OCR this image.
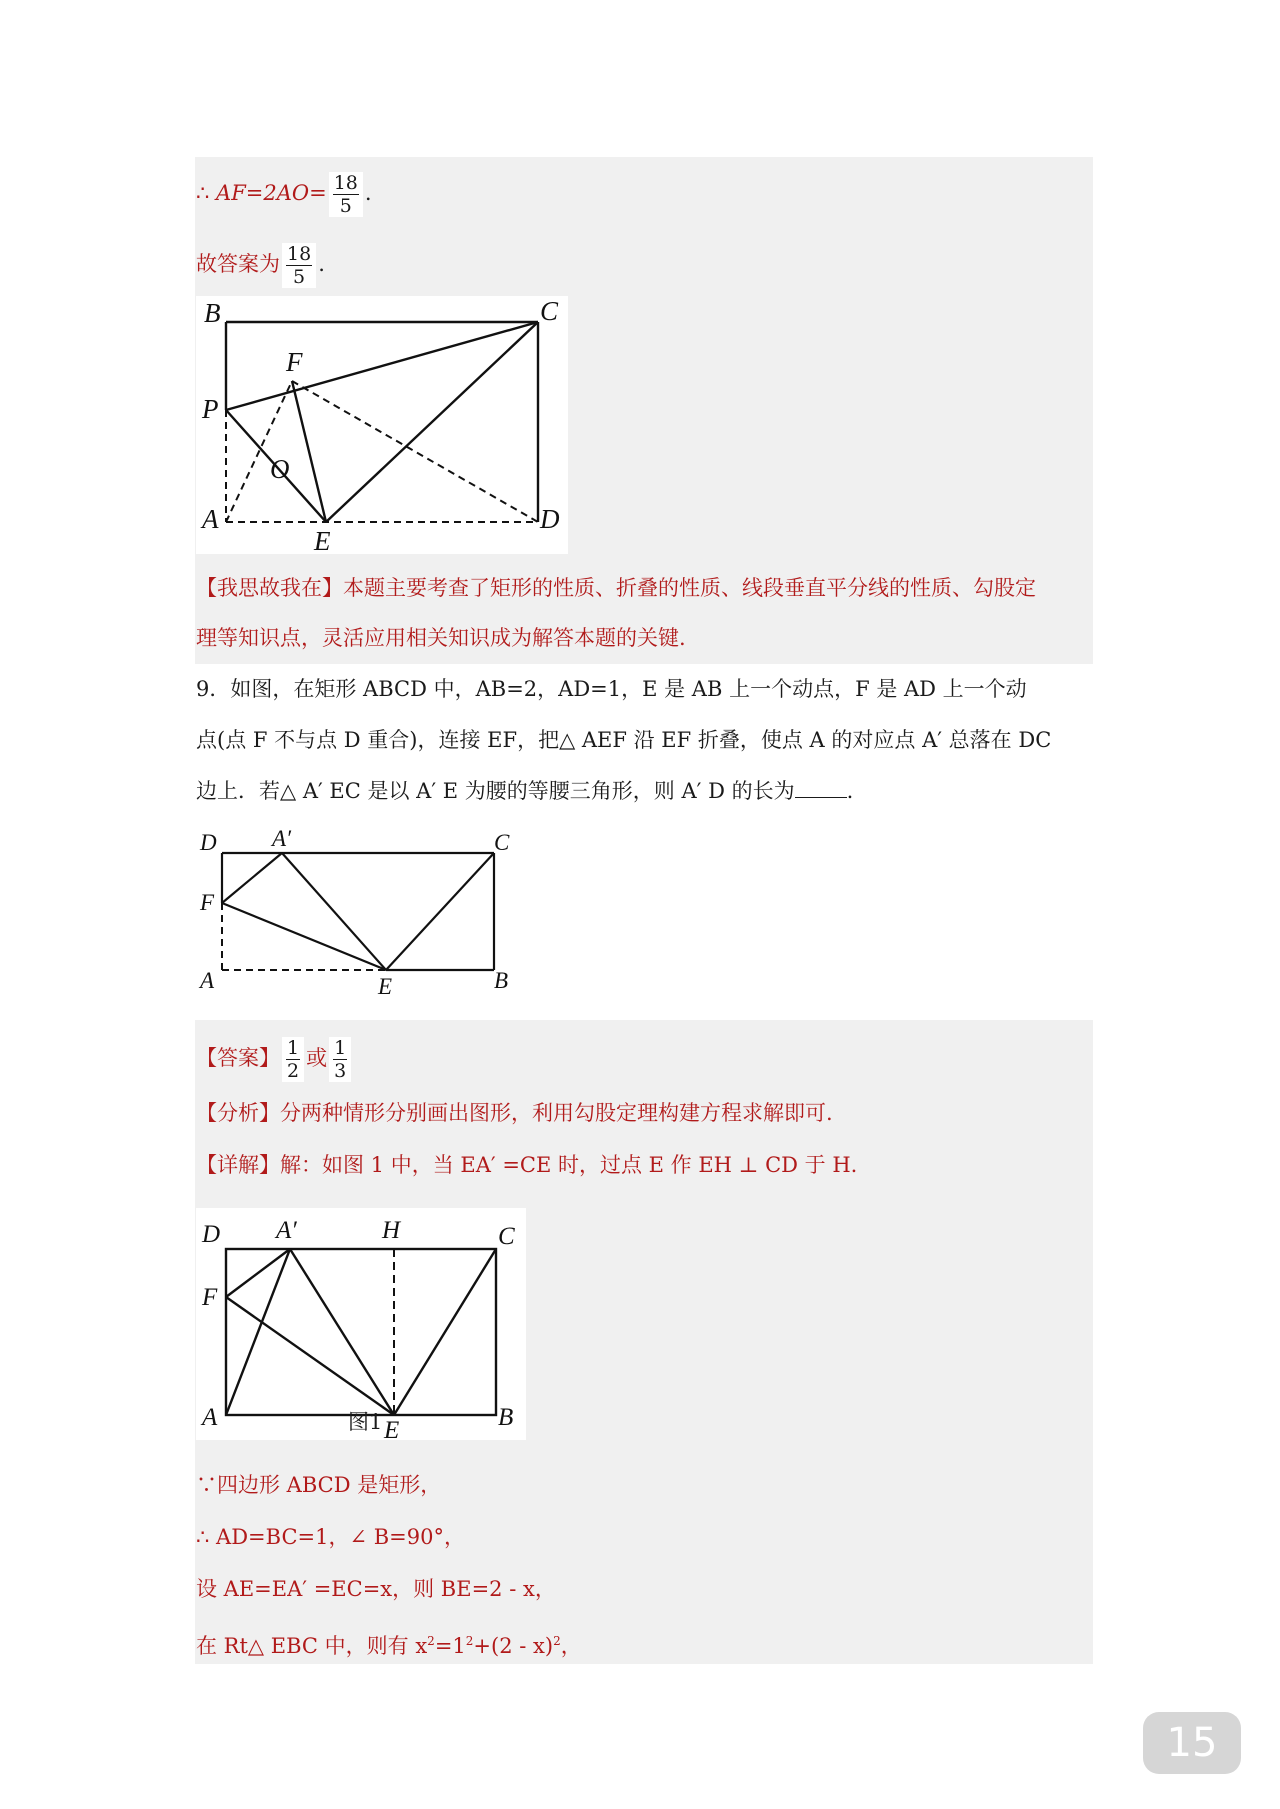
∴ $AF=2AO= \frac{18}{5}$ .
故答案为 $\frac{18}{5}$ .
B	C
F
P
O
A
E
D
【我思故我在】本题主要考查了矩形的性质、折叠的性质、线段垂直平分线的性质、勾股定
理等知识点，灵活应用相关知识成为解答本题的关键.
9．如图，在矩形 ABCD 中，AB=2，AD=1，E 是 AB 上一个动点，F 是 AD 上一个动
点(点 F 不与点 D 重合)，连接 EF，把△ AEF 沿 EF 折叠，使点 A 的对应点 A′ 总落在 DC
边上．若△ A′ EC 是以 A′ E 为腰的等腰三角形，则 A′ D 的长为 .
D A′	C
F
A	E	B
【答案】 $\frac{1}{2}$ 或 $\frac{1}{3}$
【分析】分两种情形分别画出图形，利用勾股定理构建方程求解即可.
【详解】解：如图 1 中，当 EA′ =CE 时，过点 E 作 EH ⊥ CD 于 H.
D A′	H	C
F
A	E	B
图1
∵四边形 ABCD 是矩形，
∴ AD=BC=1，∠ B=90°，
设 AE=EA′ =EC=x，则 BE=2 - x，
在 Rt△ EBC 中，则有 $x^2=1^2+(2 - x)^2$，
15
